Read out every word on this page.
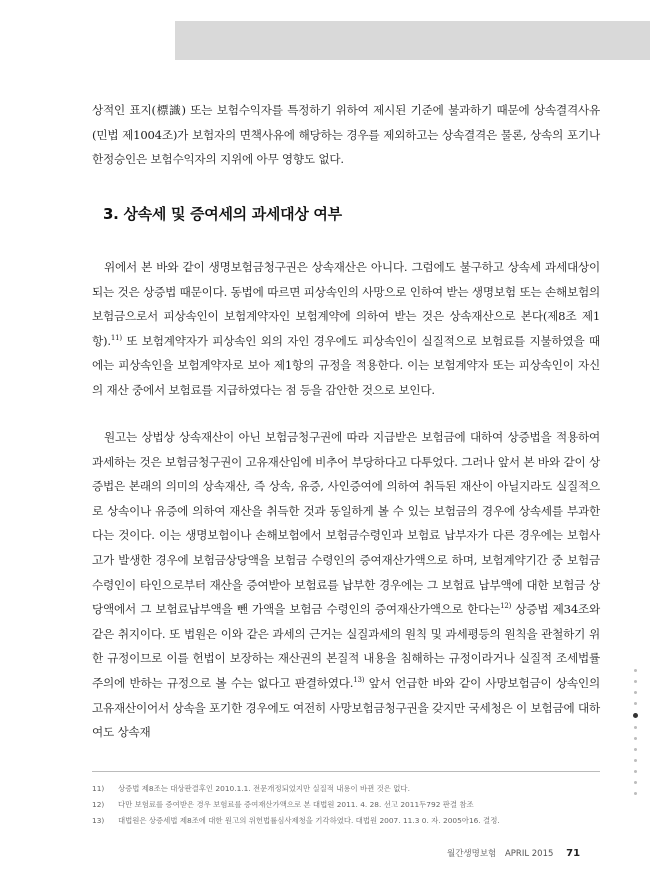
상적인 표지(標識) 또는 보험수익자를 특정하기 위하여 제시된 기준에 불과하기 때문에 상속결격사유(민법 제1004조)가 보험자의 면책사유에 해당하는 경우를 제외하고는 상속결격은 물론, 상속의 포기나 한정승인은 보험수익자의 지위에 아무 영향도 없다.

3. 상속세 및 증여세의 과세대상 여부

위에서 본 바와 같이 생명보험금청구권은 상속재산은 아니다. 그럼에도 불구하고 상속세 과세대상이 되는 것은 상증법 때문이다. 동법에 따르면 피상속인의 사망으로 인하여 받는 생명보험 또는 손해보험의 보험금으로서 피상속인이 보험계약자인 보험계약에 의하여 받는 것은 상속재산으로 본다(제8조 제1항).$^{11)}$ 또 보험계약자가 피상속인 외의 자인 경우에도 피상속인이 실질적으로 보험료를 지불하였을 때에는 피상속인을 보험계약자로 보아 제1항의 규정을 적용한다. 이는 보험계약자 또는 피상속인이 자신의 재산 중에서 보험료를 지급하였다는 점 등을 감안한 것으로 보인다.

원고는 상법상 상속재산이 아닌 보험금청구권에 따라 지급받은 보험금에 대하여 상증법을 적용하여 과세하는 것은 보험금청구권이 고유재산임에 비추어 부당하다고 다투었다. 그러나 앞서 본 바와 같이 상증법은 본래의 의미의 상속재산, 즉 상속, 유증, 사인증여에 의하여 취득된 재산이 아닐지라도 실질적으로 상속이나 유증에 의하여 재산을 취득한 것과 동일하게 볼 수 있는 보험금의 경우에 상속세를 부과한다는 것이다. 이는 생명보험이나 손해보험에서 보험금수령인과 보험료 납부자가 다른 경우에는 보험사고가 발생한 경우에 보험금상당액을 보험금 수령인의 증여재산가액으로 하며, 보험계약기간 중 보험금 수령인이 타인으로부터 재산을 증여받아 보험료를 납부한 경우에는 그 보험료 납부액에 대한 보험금 상당액에서 그 보험료납부액을 뺀 가액을 보험금 수령인의 증여재산가액으로 한다는$^{12)}$ 상증법 제34조와 같은 취지이다. 또 법원은 이와 같은 과세의 근거는 실질과세의 원칙 및 과세평등의 원칙을 관철하기 위한 규정이므로 이를 헌법이 보장하는 재산권의 본질적 내용을 침해하는 규정이라거나 실질적 조세법률주의에 반하는 규정으로 볼 수는 없다고 판결하였다.$^{13)}$ 앞서 언급한 바와 같이 사망보험금이 상속인의 고유재산이어서 상속을 포기한 경우에도 여전히 사망보험금청구권을 갖지만 국세청은 이 보험금에 대하여도 상속재

11)	상증법 제8조는 대상판결후인 2010.1.1. 전문개정되었지만 실질적 내용이 바뀐 것은 없다.
12)	다만 보험료를 증여받은 경우 보험료를 증여재산가액으로 본 대법원 2011. 4. 28. 선고 2011두792 판결 참조
13)	대법원은 상증세법 제8조에 대한 원고의 위헌법률심사제청을 기각하였다. 대법원 2007. 11.3 0. 자. 2005아16. 결정.
월간생명보험 APRIL 2015 71
